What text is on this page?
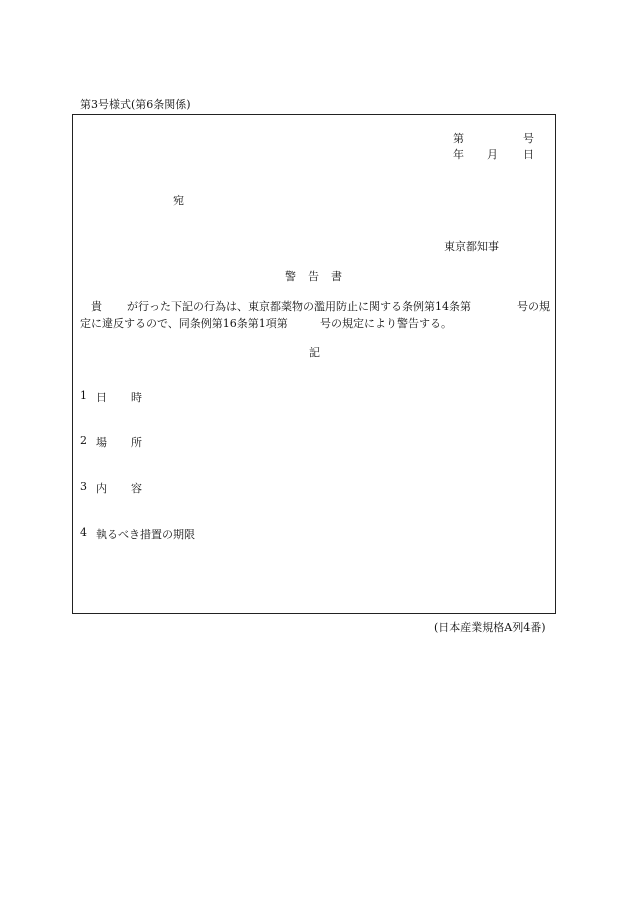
第3号様式(第6条関係)
第	号
年 月 日
宛
東京都知事
警 告 書
貴 が行った下記の行為は、東京都薬物の濫用防止に関する条例第14条第	号の規
定に違反するので、同条例第16条第1項第	号の規定により警告する。
記
1 日 時
2 場 所
3 内 容
4 執るべき措置の期限
(日本産業規格A列4番)
